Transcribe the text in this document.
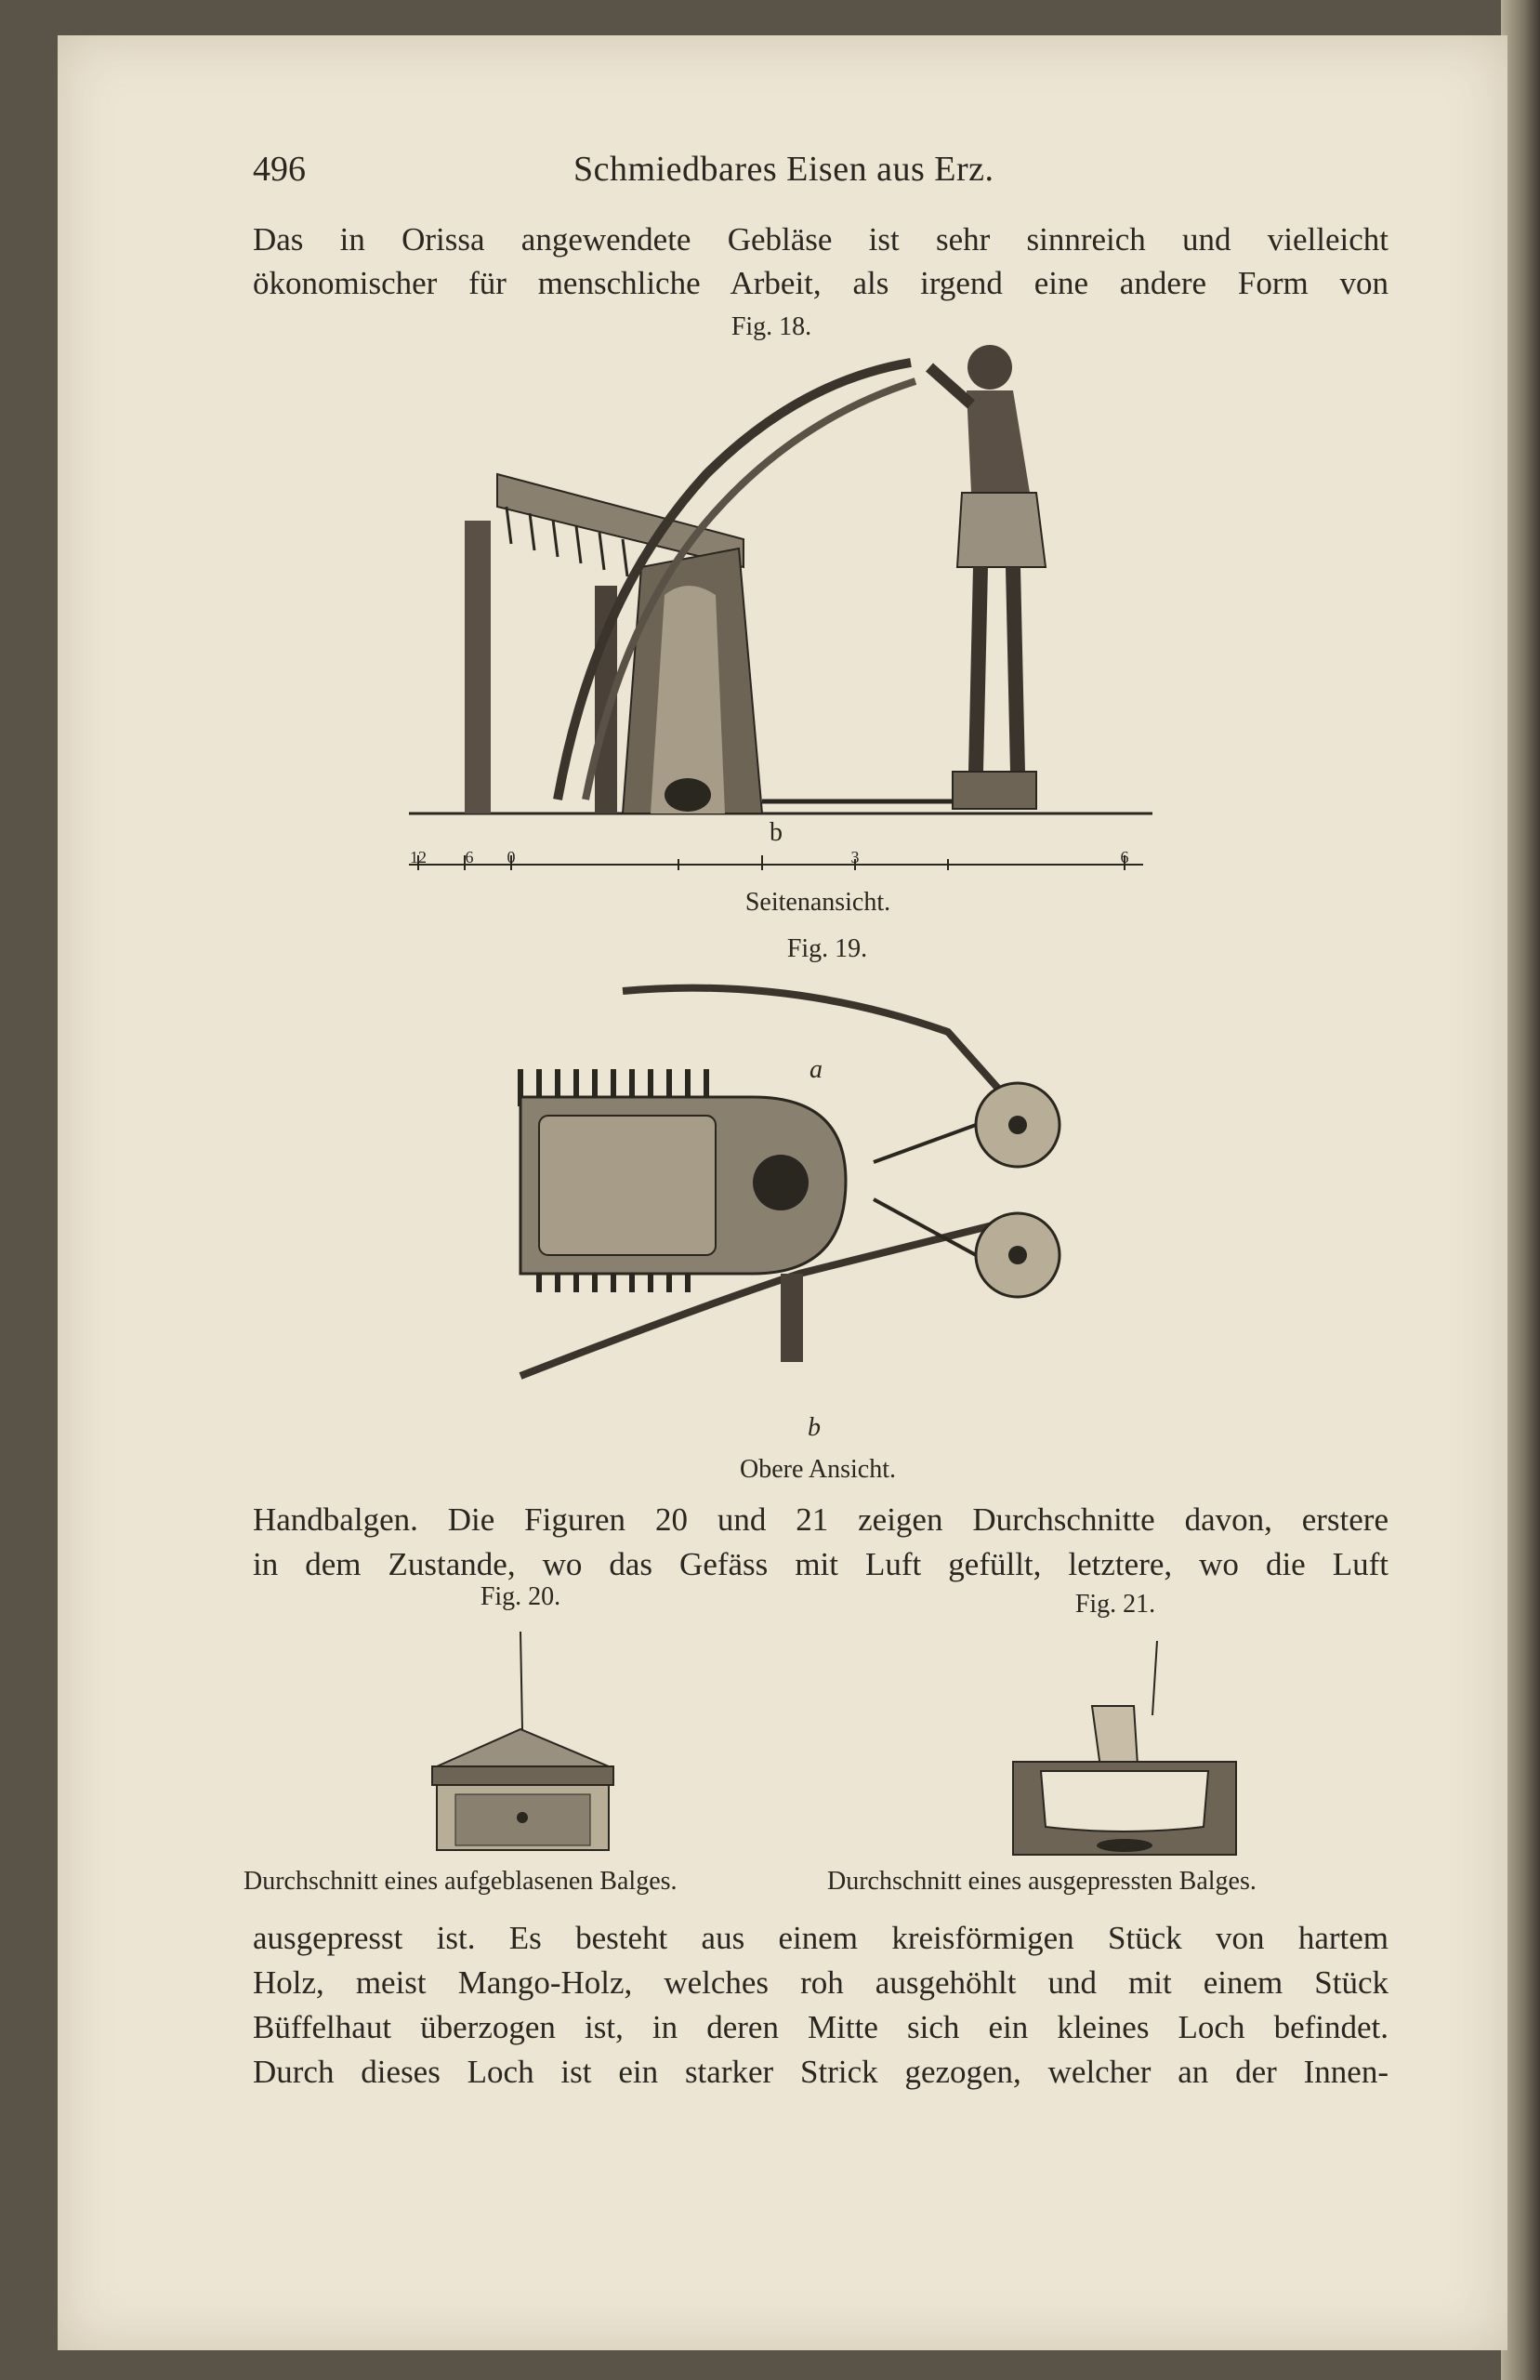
496	Schmiedbares Eisen aus Erz.
Das in Orissa angewendete Gebläse ist sehr sinnreich und vielleicht
ökonomischer für menschliche Arbeit, als irgend eine andere Form von
Fig. 18.
b
12	6	0	3	6
Seitenansicht.
Fig. 19.
a
b
Obere Ansicht.
Handbalgen. Die Figuren 20 und 21 zeigen Durchschnitte davon, erstere
in dem Zustande, wo das Gefäss mit Luft gefüllt, letztere, wo die Luft
Fig. 20.	Fig. 21.
Durchschnitt eines aufgeblasenen Balges.	Durchschnitt eines ausgepressten Balges.
ausgepresst ist. Es besteht aus einem kreisförmigen Stück von hartem
Holz, meist Mango-Holz, welches roh ausgehöhlt und mit einem Stück
Büffelhaut überzogen ist, in deren Mitte sich ein kleines Loch befindet.
Durch dieses Loch ist ein starker Strick gezogen, welcher an der Innen-
